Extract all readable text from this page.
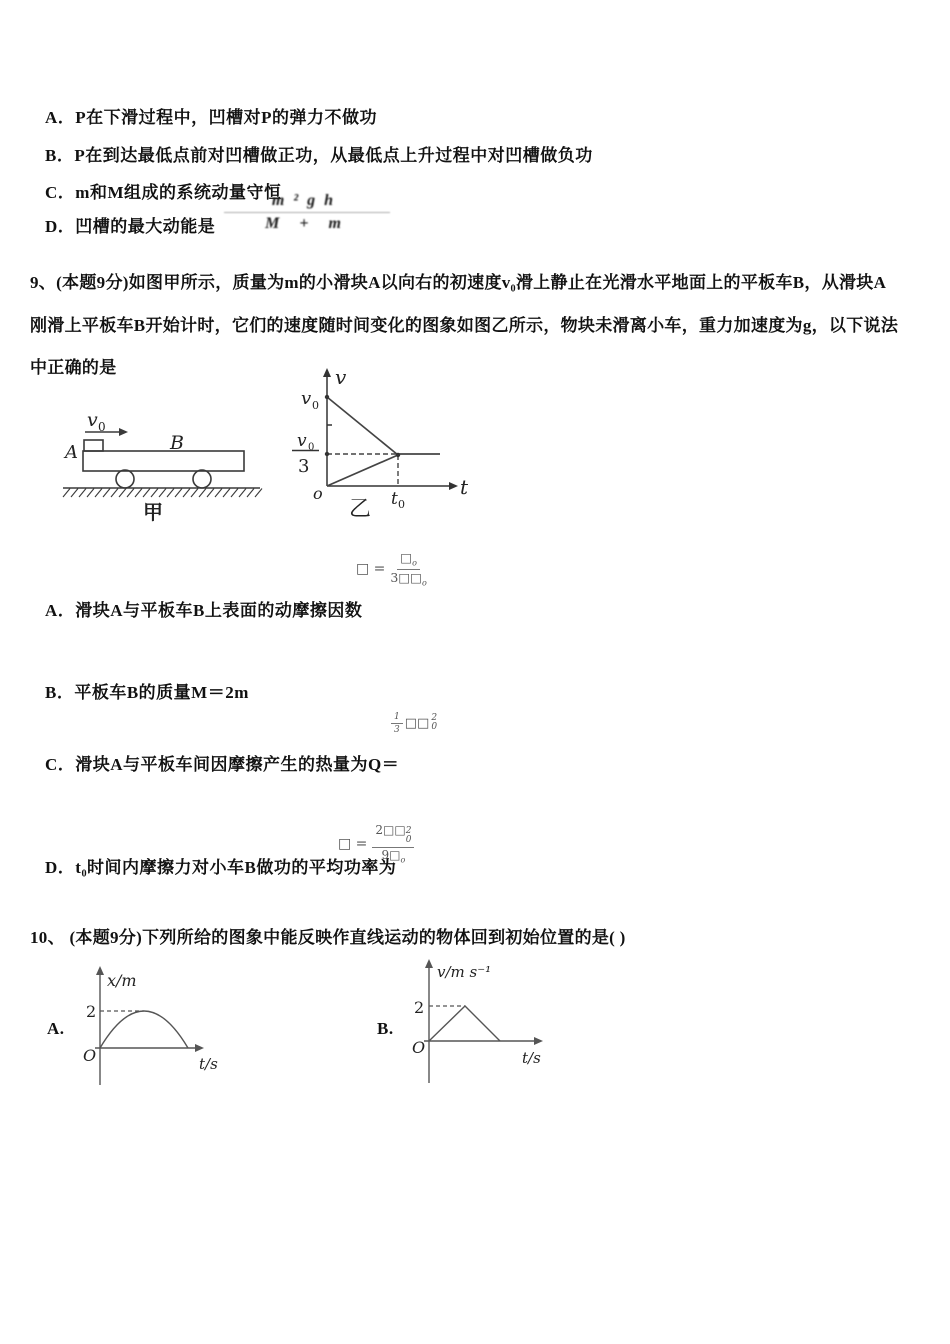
A．P在下滑过程中，凹槽对P的弹力不做功
B．P在到达最低点前对凹槽做正功，从最低点上升过程中对凹槽做负功
C．m和M组成的系统动量守恒
D．凹槽的最大动能是 $\frac{\text{m²gh}}{M + m}$
9、(本题9分)如图甲所示，质量为m的小滑块A以向右的初速度v₀滑上静止在光滑水平地面上的平板车B，从滑块A
刚滑上平板车B开始计时，它们的速度随时间变化的图象如图乙所示，物块未滑离小车，重力加速度为g，以下说法
中正确的是
v 0
A	B
甲
v
v 0
v 0
3
o
乙 t 0
t
□ = $\frac{□_o}{3□□_o}$
A．滑块A与平板车B上表面的动摩擦因数
B．平板车B的质量M＝2m
C．滑块A与平板车间因摩擦产生的热量为Q＝
$\frac{1}{3}$ □□ 2
0
D．t₀时间内摩擦力对小车B做功的平均功率为
□ = 2□□ 2
0
$9□_o$
10、 (本题9分)下列所给的图象中能反映作直线运动的物体回到初始位置的是( )
A.
x/m
2
O	t/s
B.
v/m s⁻¹
2
O
t/s
